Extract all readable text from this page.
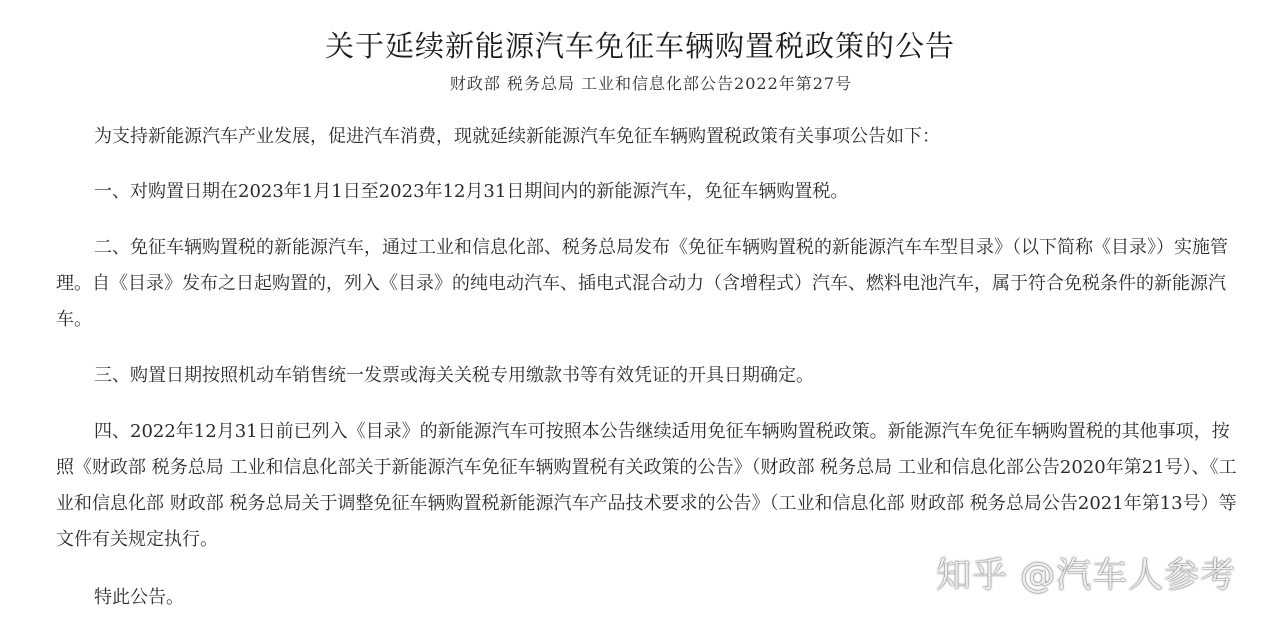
关于延续新能源汽车免征车辆购置税政策的公告
财政部 税务总局 工业和信息化部公告2022年第27号

为支持新能源汽车产业发展，促进汽车消费，现就延续新能源汽车免征车辆购置税政策有关事项公告如下：

一、对购置日期在2023年1月1日至2023年12月31日期间内的新能源汽车，免征车辆购置税。

二、免征车辆购置税的新能源汽车，通过工业和信息化部、税务总局发布《免征车辆购置税的新能源汽车车型目录》（以下简称《目录》）实施管理。自《目录》发布之日起购置的，列入《目录》的纯电动汽车、插电式混合动力（含增程式）汽车、燃料电池汽车，属于符合免税条件的新能源汽车。

三、购置日期按照机动车销售统一发票或海关关税专用缴款书等有效凭证的开具日期确定。

四、2022年12月31日前已列入《目录》的新能源汽车可按照本公告继续适用免征车辆购置税政策。新能源汽车免征车辆购置税的其他事项，按照《财政部 税务总局 工业和信息化部关于新能源汽车免征车辆购置税有关政策的公告》（财政部 税务总局 工业和信息化部公告2020年第21号）、《工业和信息化部 财政部 税务总局关于调整免征车辆购置税新能源汽车产品技术要求的公告》（工业和信息化部 财政部 税务总局公告2021年第13号）等文件有关规定执行。

特此公告。

知乎 @汽车人参考
